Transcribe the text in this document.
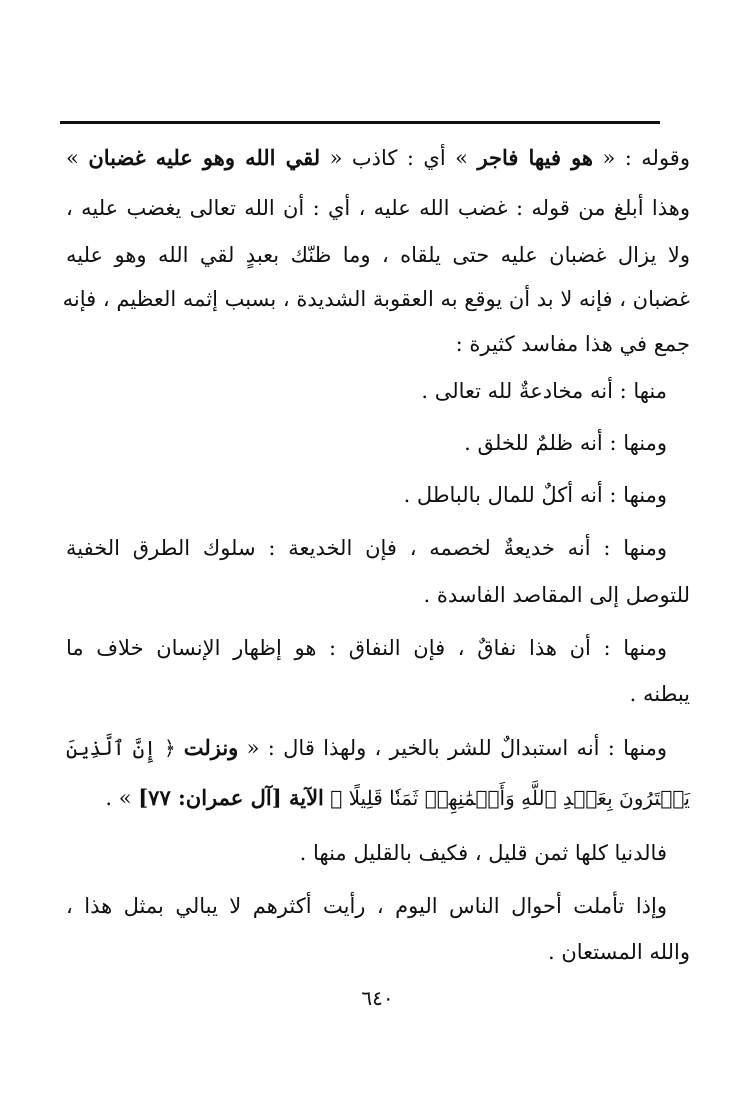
وقوله : « هو فيها فاجر » أي : كاذب « لقي الله وهو عليه غضبان »
وهذا أبلغ من قوله : غضب الله عليه ، أي : أن الله تعالى يغضب عليه ،
ولا يزال غضبان عليه حتى يلقاه ، وما ظنّك بعبدٍ لقي الله وهو عليه
غضبان ، فإنه لا بد أن يوقع به العقوبة الشديدة ، بسبب إثمه العظيم ، فإنه
جمع في هذا مفاسد كثيرة :
منها : أنه مخادعةٌ لله تعالى .
ومنها : أنه ظلمٌ للخلق .
ومنها : أنه أكلٌ للمال بالباطل .
ومنها : أنه خديعةٌ لخصمه ، فإن الخديعة : سلوك الطرق الخفية
للتوصل إلى المقاصد الفاسدة .
ومنها : أن هذا نفاقٌ ، فإن النفاق : هو إظهار الإنسان خلاف ما
يبطنه .
ومنها : أنه استبدالٌ للشر بالخير ، ولهذا قال : « ونزلت ﴿ إِنَّ ٱلَّذِينَ
يَشۡتَرُونَ بِعَهۡدِ ٱللَّهِ وَأَيۡمَٰنِهِمۡ ثَمَنٗا قَلِيلًا ﴾ الآية [آل عمران: ٧٧] » .
فالدنيا كلها ثمن قليل ، فكيف بالقليل منها .
وإذا تأملت أحوال الناس اليوم ، رأيت أكثرهم لا يبالي بمثل هذا ،
والله المستعان .
٦٤٠
